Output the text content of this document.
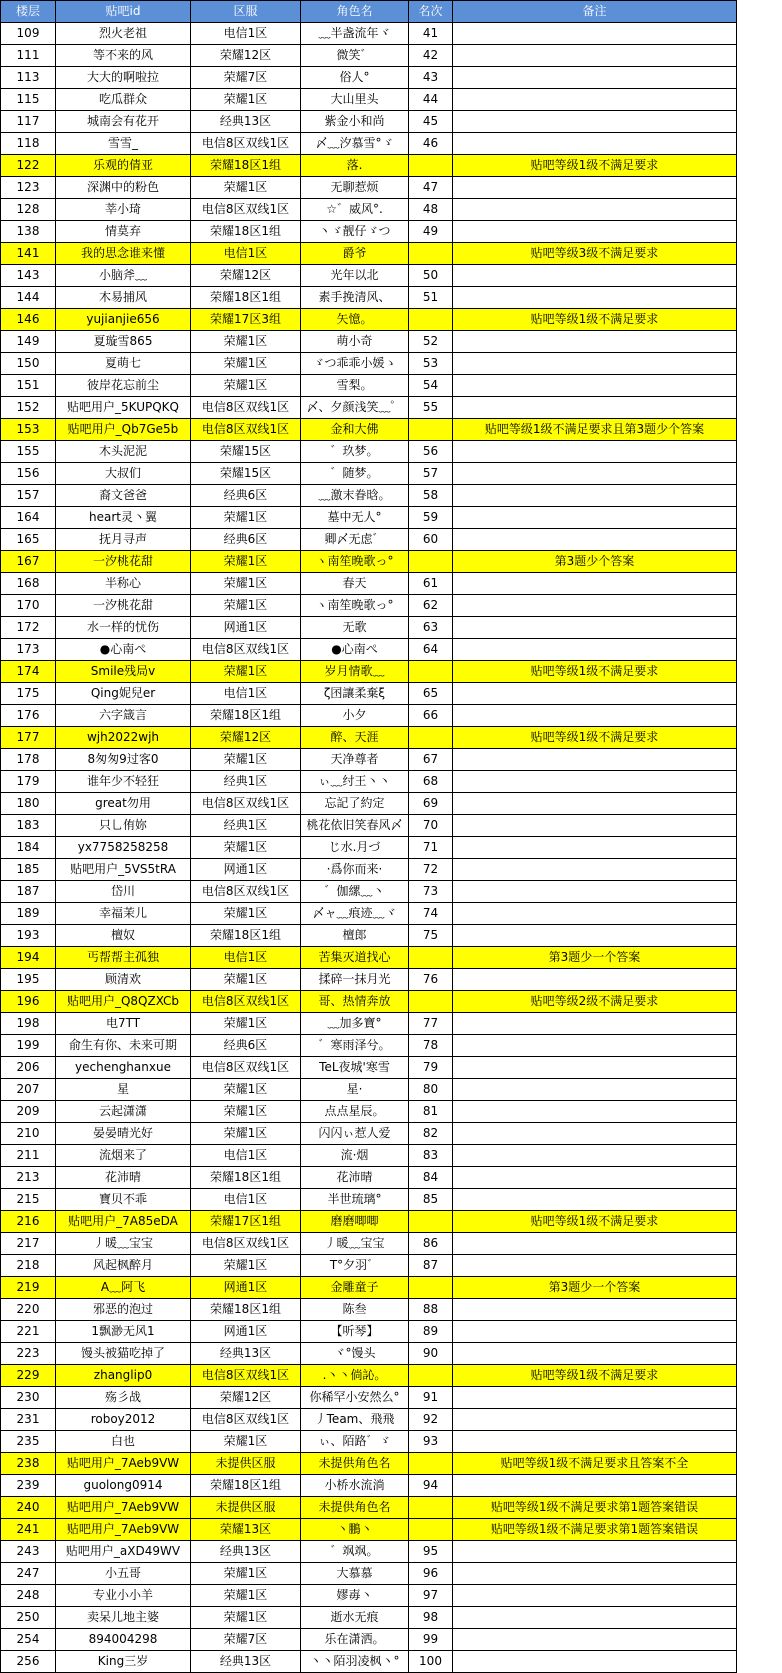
楼层	贴吧id	区服	角色名	名次	备注
109	烈火老祖	电信1区	﹏半盏流年ヾ	41	
111	等不来的风	荣耀12区	微笑゛	42	
113	大大的啊啦拉	荣耀7区	俗人°	43	
115	吃瓜群众	荣耀1区	大山里头	44	
117	城南会有花开	经典13区	紫金小和尚	45	
118	雪雪_	电信8区双线1区	〆﹏汐慕雪°ゞ	46	
122	乐观的倩亚	荣耀18区1组	落.		贴吧等级1级不满足要求
123	深渊中的粉色	荣耀1区	无聊惹烦	47	
128	莘小琦	电信8区双线1区	☆゛威风°.	48	
138	情莫弃	荣耀18区1组	丶ゞ靓仔ゞつ	49	
141	我的思念谁来懂	电信1区	爵爷		贴吧等级3级不满足要求
143	小脑斧﹏	荣耀12区	光年以北	50	
144	木易捕风	荣耀18区1组	素手挽清风、	51	
146	yujianjie656	荣耀17区3组	矢憶。		贴吧等级1级不满足要求
149	夏璇雪865	荣耀1区	萌小奇	52	
150	夏萌七	荣耀1区	ゞつ乖乖小媛ゝ	53	
151	彼岸花忘前尘	荣耀1区	雪梨。	54	
152	贴吧用户_5KUPQKQ	电信8区双线1区	〆、夕颜浅笑﹏゜	55	
153	贴吧用户_Qb7Ge5b	电信8区双线1区	金和大佛		贴吧等级1级不满足要求且第3题少个答案
155	木头泥泥	荣耀15区	゛玖梦。	56	
156	大叔们	荣耀15区	゛随梦。	57	
157	裔文爸爸	经典6区	﹏激末眷晗。	58	
164	heart灵丶翼	荣耀1区	墓中无人°	59	
165	抚月寻声	经典6区	卿〆无虑゛	60	
167	一汐桃花甜	荣耀1区	ヽ南笙晚歌っ°		第3题少个答案
168	半称心	荣耀1区	春天	61	
170	一汐桃花甜	荣耀1区	ヽ南笙晚歌っ°	62	
172	水一样的忧伤	网通1区	无歌	63	
173	●心南ぺ	电信8区双线1区	●心南ぺ	64	
174	Smile残局v	荣耀1区	岁月情歌﹏		贴吧等级1级不满足要求
175	Qing妮兒er	电信1区	ζ囨讓柔棄ξ	65	
176	六字箴言	荣耀18区1组	小夕	66	
177	wjh2022wjh	荣耀12区	醉、天涯		贴吧等级1级不满足要求
178	8匆匆9过客0	荣耀1区	天净尊者	67	
179	谁年少不轻狂	经典1区	ぃ﹏纣王丶丶	68	
180	great勿用	电信8区双线1区	忘記了約定	69	
183	只乚侑妳	经典1区	桃花依旧笑春风〆	70	
184	yx7758258258	荣耀1区	じ水.月づ	71	
185	贴吧用户_5VS5tRA	网通1区	·爲你而来·	72	
187	岱川	电信8区双线1区	゛伽縲﹏丶	73	
189	幸福茉儿	荣耀1区	〆ャ﹏痕迹﹏ヾ	74	
193	檀奴	荣耀18区1组	檀郎	75	
194	丐帮帮主孤独	电信1区	苦集灭道找心		第3题少一个答案
195	顾清欢	荣耀1区	揉碎一抹月光	76	
196	贴吧用户_Q8QZXCb	电信8区双线1区	哥、热情奔放		贴吧等级2级不满足要求
198	电7TT	荣耀1区	﹏加多寶°	77	
199	俞生有你、未来可期	经典6区	゛寒雨泽兮。	78	
206	yechenghanxue	电信8区双线1区	TeL夜城'寒雪	79	
207	星	荣耀1区	星·	80	
209	云起潇潇	荣耀1区	点点星辰。	81	
210	晏晏晴光好	荣耀1区	闪闪ぃ惹人爱	82	
211	流烟来了	电信1区	流·烟	83	
213	花沛晴	荣耀18区1组	花沛晴	84	
215	寶贝不乖	电信1区	半世琉璃°	85	
216	贴吧用户_7A85eDA	荣耀17区1组	磨磨唧唧		贴吧等级1级不满足要求
217	丿暖﹏宝宝	电信8区双线1区	丿暖﹏宝宝	86	
218	风起枫醉月	荣耀1区	T°夕羽゛	87	
219	A﹏阿飞	网通1区	金雕童子		第3题少一个答案
220	邪恶的泡过	荣耀18区1组	陈叁	88	
221	1飘渺无风1	网通1区	【听琴】	89	
223	馒头被猫吃掉了	经典13区	ヾ°馒头	90	
229	zhanglip0	电信8区双线1区	.丶丶倘訫。		贴吧等级1级不满足要求
230	殇彡战	荣耀12区	你稀罕小安然么°	91	
231	roboy2012	电信8区双线1区	丿Team、飛飛	92	
235	白也	荣耀1区	ぃ、陌路゛ゞ	93	
238	贴吧用户_7Aeb9VW	未提供区服	未提供角色名		贴吧等级1级不满足要求且答案不全
239	guolong0914	荣耀18区1组	小桥水流淌	94	
240	贴吧用户_7Aeb9VW	未提供区服	未提供角色名		贴吧等级1级不满足要求第1题答案错误
241	贴吧用户_7Aeb9VW	荣耀13区	丶鵬丶		贴吧等级1级不满足要求第1题答案错误
243	贴吧用户_aXD49WV	经典13区	゛飒飒。	95	
247	小五哥	荣耀1区	大慕慕	96	
248	专业小小羊	荣耀1区	嫪毐丶	97	
250	卖呆儿地主婆	荣耀1区	逝水无痕	98	
254	894004298	荣耀7区	乐在潇洒。	99	
256	King三岁	经典13区	丶丶陌羽凌枫丶°	100	
